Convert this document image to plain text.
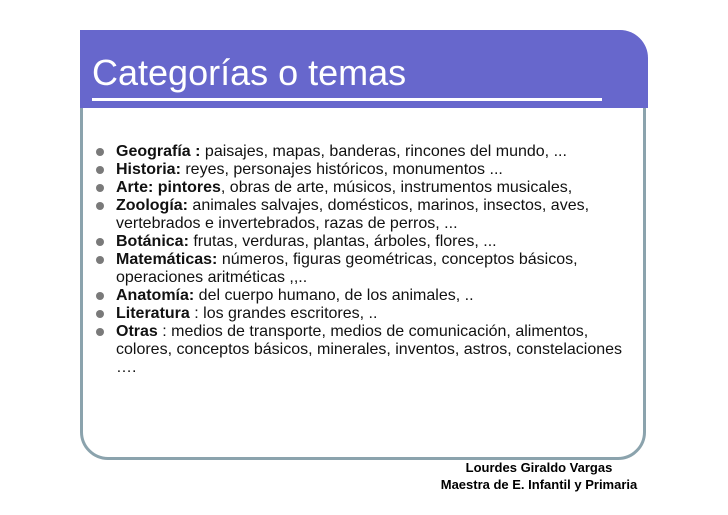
Categorías o temas
Geografía : paisajes, mapas, banderas, rincones del mundo, ...
Historia: reyes, personajes históricos, monumentos ...
Arte: pintores, obras de arte, músicos, instrumentos musicales,
Zoología: animales salvajes, domésticos, marinos, insectos, aves, vertebrados e invertebrados, razas de perros, ...
Botánica: frutas, verduras, plantas, árboles, flores, ...
Matemáticas: números, figuras geométricas, conceptos básicos, operaciones aritméticas ,,..
Anatomía: del cuerpo humano, de los animales, ..
Literatura : los grandes escritores, ..
Otras : medios de transporte, medios de comunicación, alimentos, colores, conceptos básicos, minerales, inventos, astros, constelaciones ….
Lourdes Giraldo Vargas
Maestra de E. Infantil y Primaria
